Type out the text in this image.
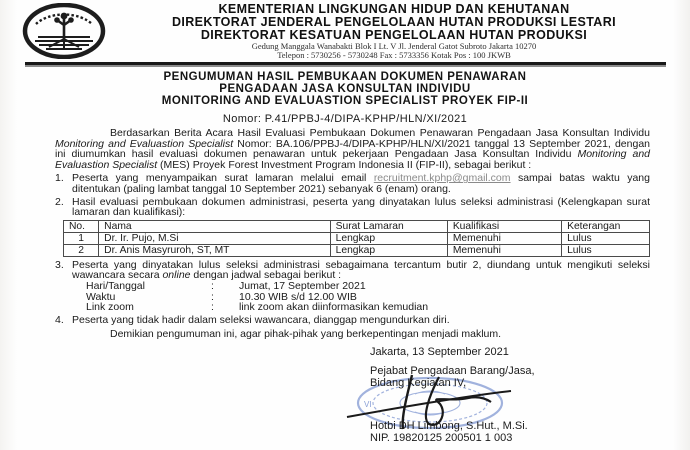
KEMENTERIAN LINGKUNGAN HIDUP DAN KEHUTANAN
DIREKTORAT JENDERAL PENGELOLAAN HUTAN PRODUKSI LESTARI
DIREKTORAT KESATUAN PENGELOLAAN HUTAN PRODUKSI
Gedung Manggala Wanabakti Blok I Lt. V Jl. Jenderal Gatot Subroto Jakarta 10270
Telepon : 5730256 - 5730248 Fax : 5733356 Kotak Pos : 100 JKWB
PENGUMUMAN HASIL PEMBUKAAN DOKUMEN PENAWARAN
PENGADAAN JASA KONSULTAN INDIVIDU
MONITORING AND EVALUASTION SPECIALIST PROYEK FIP-II
Nomor: P.41/PPBJ-4/DIPA-KPHP/HLN/XI/2021

Berdasarkan Berita Acara Hasil Evaluasi Pembukaan Dokumen Penawaran Pengadaan Jasa Konsultan Individu Monitoring and Evaluastion Specialist Nomor: BA.106/PPBJ-4/DIPA-KPHP/HLN/XI/2021 tanggal 13 September 2021, dengan ini diumumkan hasil evaluasi dokumen penawaran untuk pekerjaan Pengadaan Jasa Konsultan Individu Monitoring and Evaluastion Specialist (MES) Proyek Forest Investment Program Indonesia II (FIP-II), sebagai berikut :

1. Peserta yang menyampaikan surat lamaran melalui email recruitment.kphp@gmail.com sampai batas waktu yang ditentukan (paling lambat tanggal 10 September 2021) sebanyak 6 (enam) orang.
2. Hasil evaluasi pembukaan dokumen administrasi, peserta yang dinyatakan lulus seleksi administrasi (Kelengkapan surat lamaran dan kualifikasi):
No.	Nama	Surat Lamaran	Kualifikasi	Keterangan
1	Dr. Ir. Pujo, M.Si	Lengkap	Memenuhi	Lulus
2	Dr. Anis Masyruroh, ST, MT	Lengkap	Memenuhi	Lulus
3. Peserta yang dinyatakan lulus seleksi administrasi sebagaimana tercantum butir 2, diundang untuk mengikuti seleksi wawancara secara online dengan jadwal sebagai berikut :
Hari/Tanggal	:	Jumat, 17 September 2021
Waktu	:	10.30 WIB s/d 12.00 WIB
Link zoom	:	link zoom akan diinformasikan kemudian
4. Peserta yang tidak hadir dalam seleksi wawancara, dianggap mengundurkan diri.

Demikian pengumuman ini, agar pihak-pihak yang berkepentingan menjadi maklum.

VI
Jakarta, 13 September 2021
Pejabat Pengadaan Barang/Jasa,
Bidang Kegiatan IV,
Hotbi DH Limbong, S.Hut., M.Si.
NIP. 19820125 200501 1 003
